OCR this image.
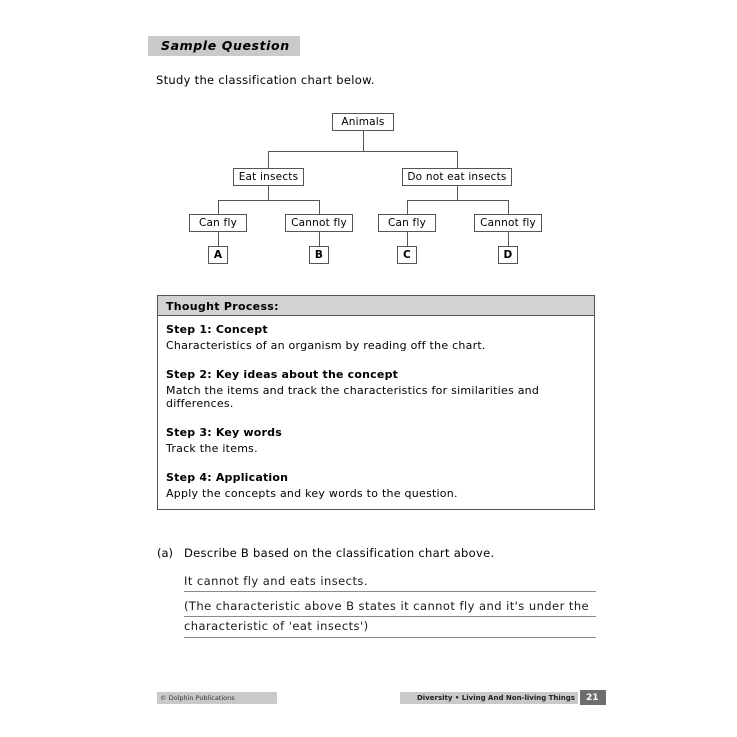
Sample Question
Study the classification chart below.
Animals
Eat insects	Do not eat insects
Can fly	Cannot fly	Can fly	Cannot fly
A	B	C	D
Thought Process:

Step 1: Concept

Characteristics of an organism by reading off the chart.

Step 2: Key ideas about the concept

Match the items and track the characteristics for similarities and differences.

Step 3: Key words

Track the items.

Step 4: Application

Apply the concepts and key words to the question.

(a) Describe B based on the classification chart above.
It cannot fly and eats insects.
(The characteristic above B states it cannot fly and it's under the
characteristic of 'eat insects')
© Dolphin Publications	Diversity • Living And Non-living Things 21
